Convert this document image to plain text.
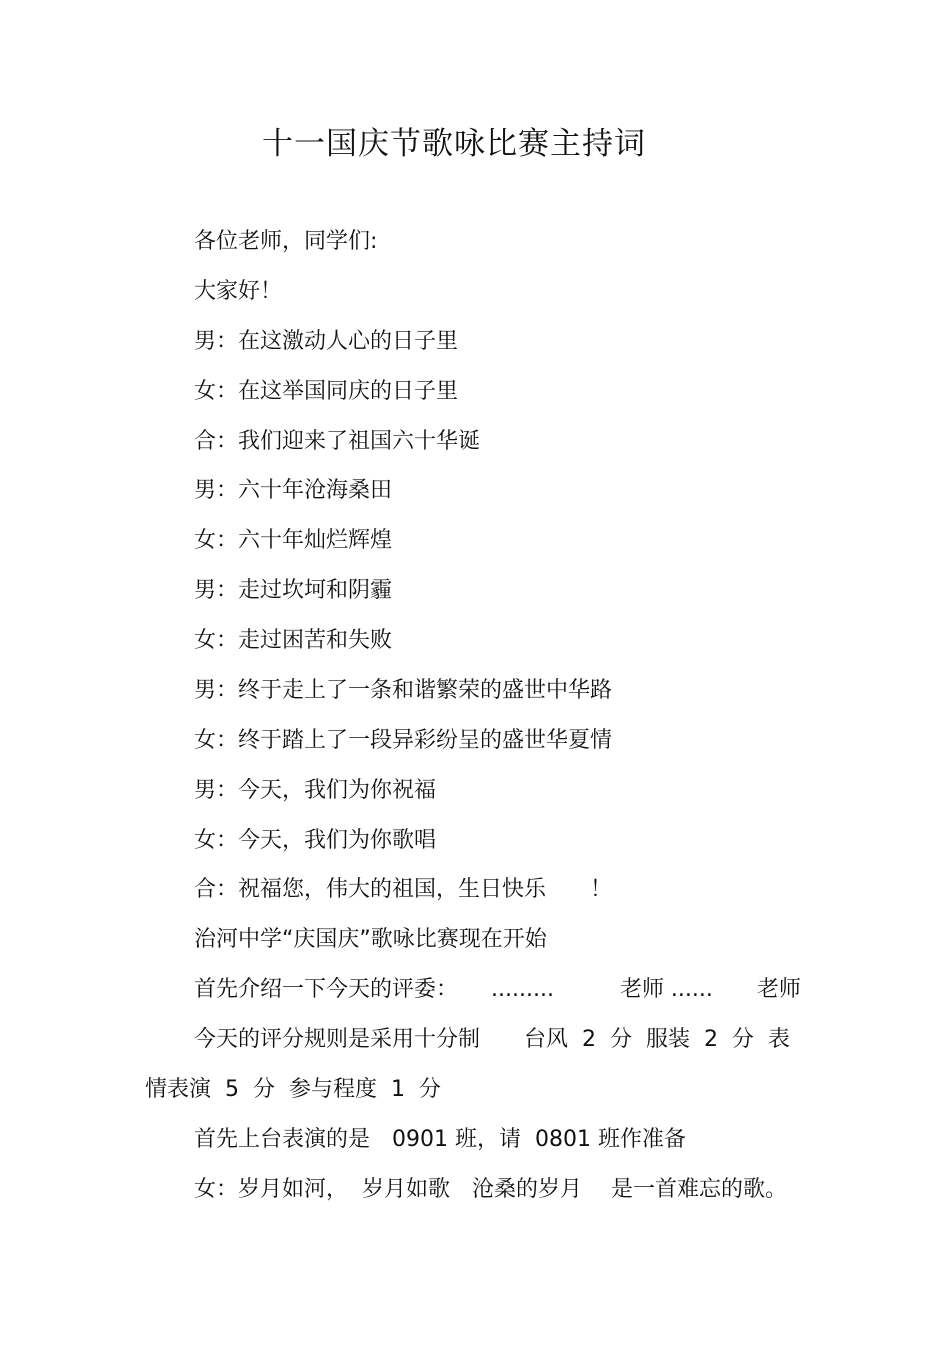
十一国庆节歌咏比赛主持词

各位老师，同学们:

大家好！

男：在这激动人心的日子里

女：在这举国同庆的日子里

合：我们迎来了祖国六十华诞

男：六十年沧海桑田

女：六十年灿烂辉煌

男：走过坎坷和阴霾

女：走过困苦和失败

男：终于走上了一条和谐繁荣的盛世中华路

女：终于踏上了一段异彩纷呈的盛世华夏情

男：今天，我们为你祝福

女：今天，我们为你歌唱

合：祝福您，伟大的祖国，生日快乐　　！

治河中学“庆国庆”歌咏比赛现在开始

首先介绍一下今天的评委：　　.........　　　老师 ......　　老师

今天的评分规则是采用十分制　　台风  2  分  服装  2  分  表

情表演  5  分  参与程度  1  分

首先上台表演的是　0901 班，请  0801 班作准备

女：岁月如河，  岁月如歌　沧桑的岁月　 是一首难忘的歌。
